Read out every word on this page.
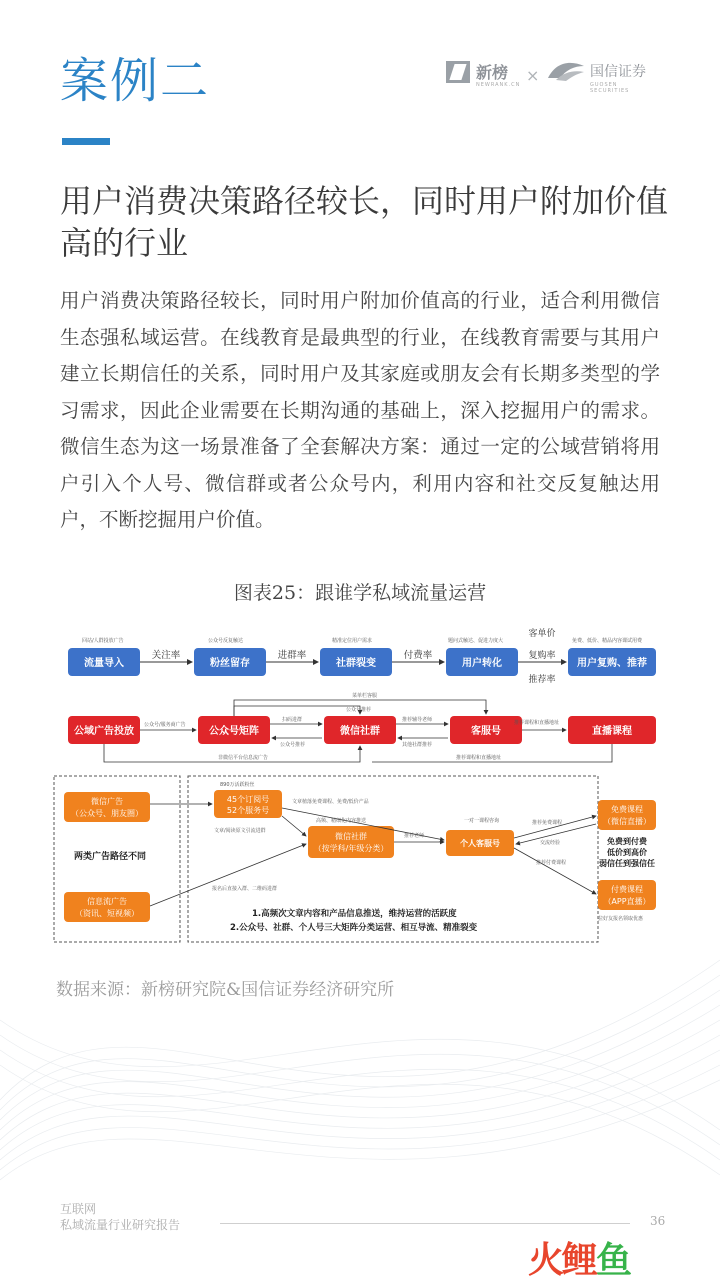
案例二	新榜
NEWRANK.CN ×	国信证券
GUOSEN SECURITIES
用户消费决策路径较长，同时用户附加价值高的行业
用户消费决策路径较长，同时用户附加价值高的行业，适合利用微信生态强私域运营。在线教育是最典型的行业，在线教育需要与其用户建立长期信任的关系，同时用户及其家庭或朋友会有长期多类型的学习需求，因此企业需要在长期沟通的基础上，深入挖掘用户的需求。微信生态为这一场景准备了全套解决方案：通过一定的公域营销将用户引入个人号、微信群或者公众号内，利用内容和社交反复触达用户，不断挖掘用户价值。
图表25：跟谁学私域流量运营
流量导入	粉丝留存	社群裂变	用户转化	用户复购、推荐
关注率	进群率	付费率
客单价
复购率
推荐率
回站/人群投放广告	公众号反复触达	精准定位用户需求	题问式触达、促进力度大	免费、低价、精品内容课试用费
公域广告投放	公众号矩阵	微信社群	客服号	直播课程
菜单栏客服
公众号推荐
公众号/服务商广告
扫码进群
公众号推荐
推荐辅导老师
其他社群推荐
推荐课程和直播地址
非微信平台信息流广告	推荐课程和直播地址
微信广告
（公众号、朋友圈）
两类广告路径不同
信息流广告
（资讯、短视频）
890万活跃粉丝
45个订阅号
52个服务号
微信社群
（按学科/年级分类）
个人客服号
免费课程
（微信直播）
免费到付费
低价到高价
弱信任到强信任
付费课程
（APP直播）
文章植落免费课程、免费/低价产品
文章/阅读原文引流进群
高频、精细化内容推送
推荐老师
一对一课程咨询	推荐免费课程
交流经验
推荐付费课程
报名后直接入群、二维码进群
拉好友报名领取优惠
1.高频次文章内容和产品信息推送，维持运营的活跃度
2.公众号、社群、个人号三大矩阵分类运营、相互导流、精准裂变
数据来源：新榜研究院&国信证券经济研究所
互联网
私域流量行业研究报告	36
火鲤鱼
